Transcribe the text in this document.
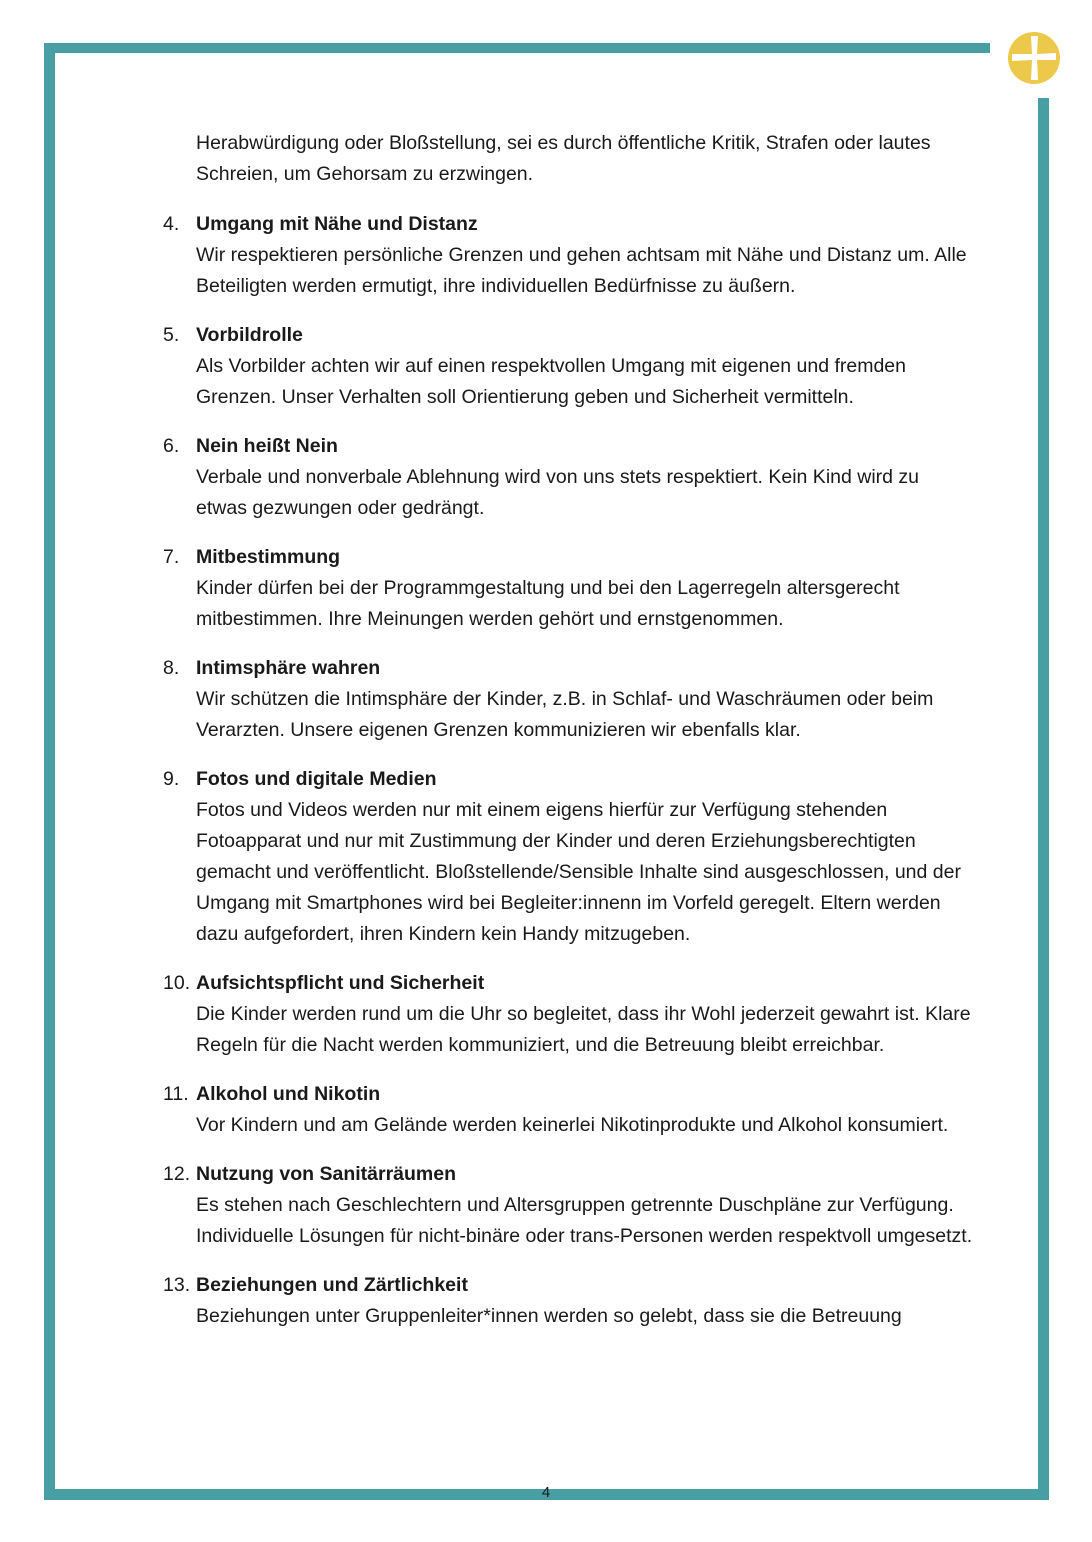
Herabwürdigung oder Bloßstellung, sei es durch öffentliche Kritik, Strafen oder lautes Schreien, um Gehorsam zu erzwingen.

4. Umgang mit Nähe und Distanz
Wir respektieren persönliche Grenzen und gehen achtsam mit Nähe und Distanz um. Alle Beteiligten werden ermutigt, ihre individuellen Bedürfnisse zu äußern.
5. Vorbildrolle
Als Vorbilder achten wir auf einen respektvollen Umgang mit eigenen und fremden Grenzen. Unser Verhalten soll Orientierung geben und Sicherheit vermitteln.
6. Nein heißt Nein
Verbale und nonverbale Ablehnung wird von uns stets respektiert. Kein Kind wird zu etwas gezwungen oder gedrängt.
7. Mitbestimmung
Kinder dürfen bei der Programmgestaltung und bei den Lagerregeln altersgerecht mitbestimmen. Ihre Meinungen werden gehört und ernstgenommen.
8. Intimsphäre wahren
Wir schützen die Intimsphäre der Kinder, z.B. in Schlaf- und Waschräumen oder beim Verarzten. Unsere eigenen Grenzen kommunizieren wir ebenfalls klar.
9. Fotos und digitale Medien
Fotos und Videos werden nur mit einem eigens hierfür zur Verfügung stehenden Fotoapparat und nur mit Zustimmung der Kinder und deren Erziehungsberechtigten gemacht und veröffentlicht. Bloßstellende/Sensible Inhalte sind ausgeschlossen, und der Umgang mit Smartphones wird bei Begleiter:innenn im Vorfeld geregelt. Eltern werden dazu aufgefordert, ihren Kindern kein Handy mitzugeben.
10. Aufsichtspflicht und Sicherheit
Die Kinder werden rund um die Uhr so begleitet, dass ihr Wohl jederzeit gewahrt ist. Klare Regeln für die Nacht werden kommuniziert, und die Betreuung bleibt erreichbar.
11. Alkohol und Nikotin
Vor Kindern und am Gelände werden keinerlei Nikotinprodukte und Alkohol konsumiert.
12. Nutzung von Sanitärräumen
Es stehen nach Geschlechtern und Altersgruppen getrennte Duschpläne zur Verfügung. Individuelle Lösungen für nicht-binäre oder trans-Personen werden respektvoll umgesetzt.
13. Beziehungen und Zärtlichkeit
Beziehungen unter Gruppenleiter*innen werden so gelebt, dass sie die Betreuung
4
